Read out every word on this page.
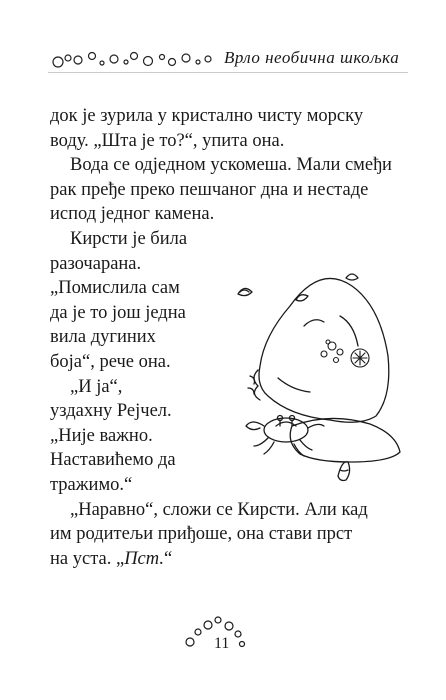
Врло необична шкољка

док је зурила у кристално чисту морску воду. „Шта је то?“, упита она.

Вода се одједном ускомеша. Мали смеђи рак пређе преко пешчаног дна и нестаде испод једног камена.

Кирсти је била
разочарана.
„Помислила сам
да је то још једна
вила дугиних
боја“, рече она.
„И ја“,
уздахну Рејчел.
„Није важно.
Наставићемо да
тражимо.“
„Наравно“, сложи се Кирсти. Али кад
им родитељи приђоше, она стави прст
на уста. „Пст.“
11
